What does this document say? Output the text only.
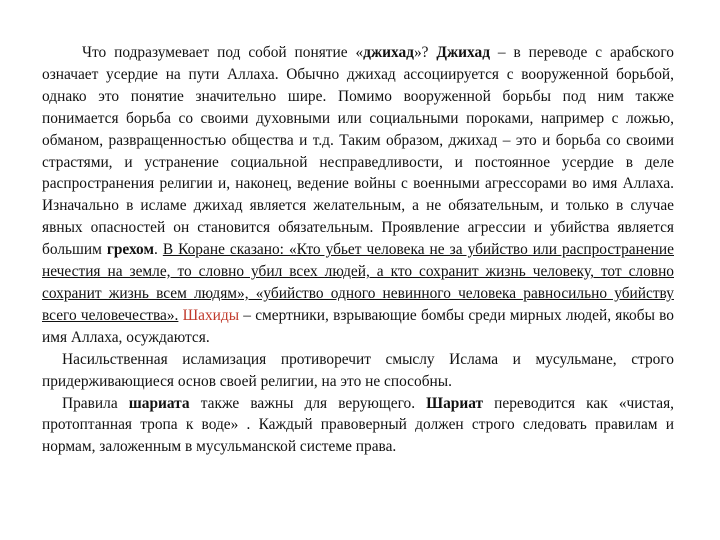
Что подразумевает под собой понятие «джихад»? Джихад – в переводе с арабского означает усердие на пути Аллаха. Обычно джихад ассоциируется с вооруженной борьбой, однако это понятие значительно шире. Помимо вооруженной борьбы под ним также понимается борьба со своими духовными или социальными пороками, например с ложью, обманом, развращенностью общества и т.д. Таким образом, джихад – это и борьба со своими страстями, и устранение социальной несправедливости, и постоянное усердие в деле распространения религии и, наконец, ведение войны с военными агрессорами во имя Аллаха. Изначально в исламе джихад является желательным, а не обязательным, и только в случае явных опасностей он становится обязательным. Проявление агрессии и убийства является большим грехом. В Коране сказано: «Кто убьет человека не за убийство или распространение нечестия на земле, то словно убил всех людей, а кто сохранит жизнь человеку, тот словно сохранит жизнь всем людям», «убийство одного невинного человека равносильно убийству всего человечества». Шахиды – смертники, взрывающие бомбы среди мирных людей, якобы во имя Аллаха, осуждаются.

Насильственная исламизация противоречит смыслу Ислама и мусульмане, строго придерживающиеся основ своей религии, на это не способны.

Правила шариата также важны для верующего. Шариат переводится как «чистая, протоптанная тропа к воде» . Каждый правоверный должен строго следовать правилам и нормам, заложенным в мусульманской системе права.
